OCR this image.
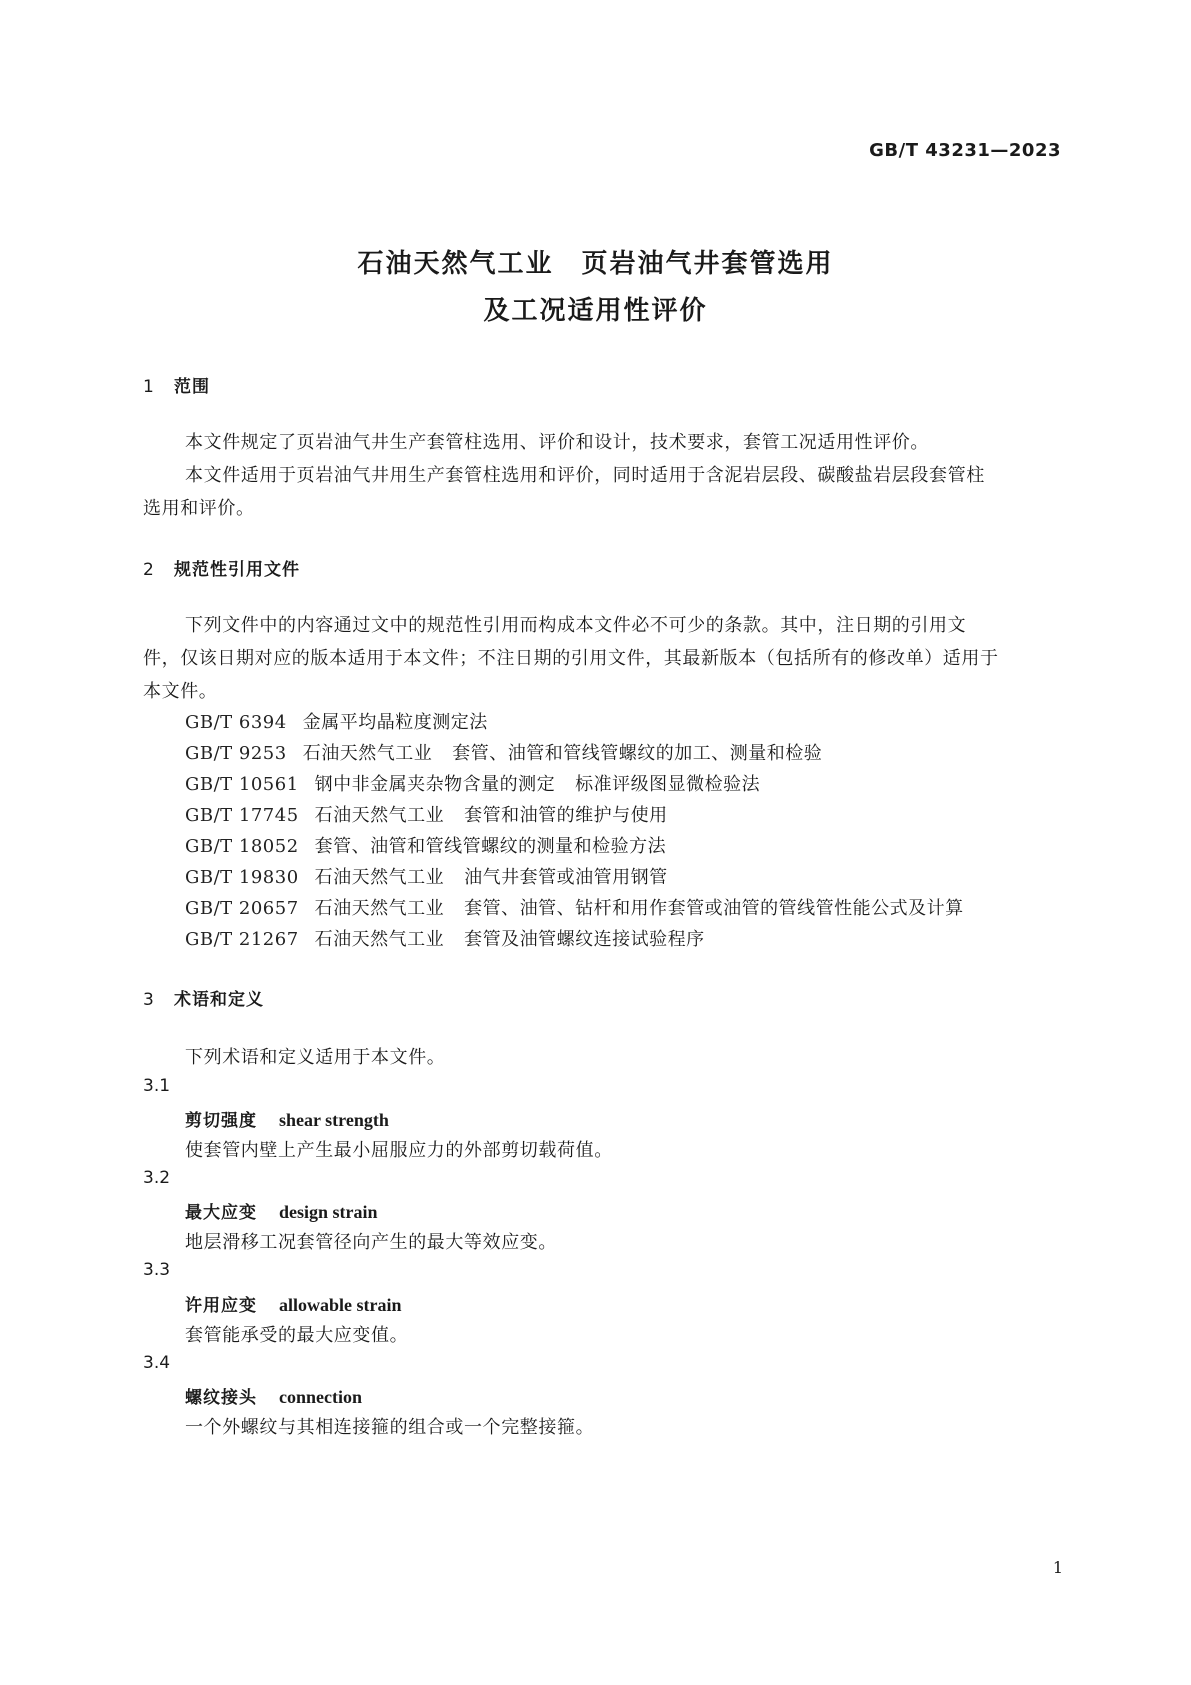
GB/T 43231—2023
石油天然气工业　页岩油气井套管选用
及工况适用性评价
1 范围
本文件规定了页岩油气井生产套管柱选用、评价和设计，技术要求，套管工况适用性评价。
本文件适用于页岩油气井用生产套管柱选用和评价，同时适用于含泥岩层段、碳酸盐岩层段套管柱
选用和评价。
2 规范性引用文件
下列文件中的内容通过文中的规范性引用而构成本文件必不可少的条款。其中，注日期的引用文
件，仅该日期对应的版本适用于本文件；不注日期的引用文件，其最新版本（包括所有的修改单）适用于
本文件。
GB/T 6394 金属平均晶粒度测定法
GB/T 9253 石油天然气工业 套管、油管和管线管螺纹的加工、测量和检验
GB/T 10561 钢中非金属夹杂物含量的测定 标准评级图显微检验法
GB/T 17745 石油天然气工业 套管和油管的维护与使用
GB/T 18052 套管、油管和管线管螺纹的测量和检验方法
GB/T 19830 石油天然气工业 油气井套管或油管用钢管
GB/T 20657 石油天然气工业 套管、油管、钻杆和用作套管或油管的管线管性能公式及计算
GB/T 21267 石油天然气工业 套管及油管螺纹连接试验程序
3 术语和定义
下列术语和定义适用于本文件。
3.1
剪切强度 shear strength
使套管内壁上产生最小屈服应力的外部剪切载荷值。
3.2
最大应变 design strain
地层滑移工况套管径向产生的最大等效应变。
3.3
许用应变 allowable strain
套管能承受的最大应变值。
3.4
螺纹接头 connection
一个外螺纹与其相连接箍的组合或一个完整接箍。
1
